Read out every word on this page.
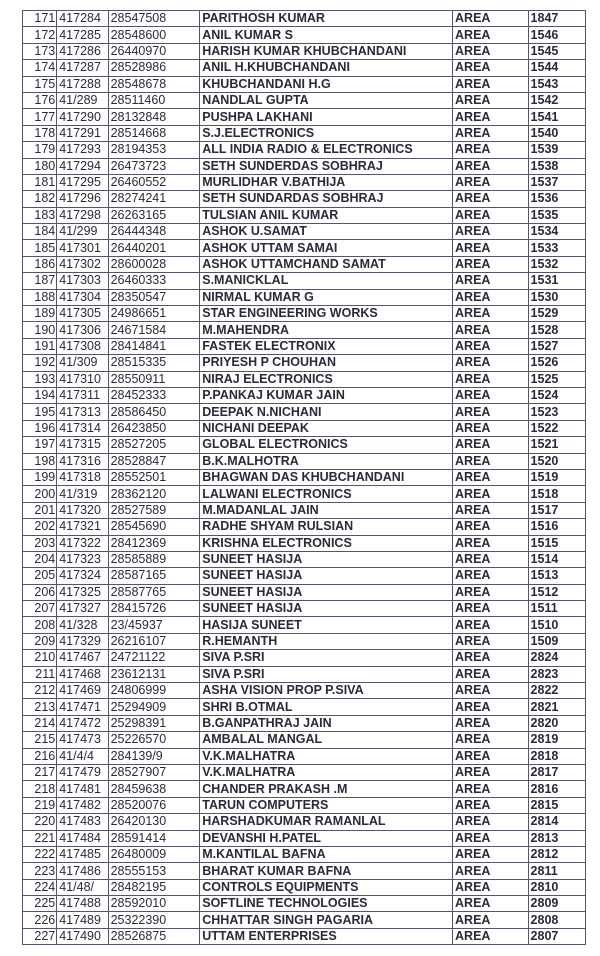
171	417284	28547508	PARITHOSH KUMAR	AREA	1847
172	417285	28548600	ANIL KUMAR S	AREA	1546
173	417286	26440970	HARISH KUMAR KHUBCHANDANI	AREA	1545
174	417287	28528986	ANIL H.KHUBCHANDANI	AREA	1544
175	417288	28548678	KHUBCHANDANI H.G	AREA	1543
176	41/289	28511460	NANDLAL GUPTA	AREA	1542
177	417290	28132848	PUSHPA LAKHANI	AREA	1541
178	417291	28514668	S.J.ELECTRONICS	AREA	1540
179	417293	28194353	ALL INDIA RADIO & ELECTRONICS	AREA	1539
180	417294	26473723	SETH SUNDERDAS SOBHRAJ	AREA	1538
181	417295	26460552	MURLIDHAR V.BATHIJA	AREA	1537
182	417296	28274241	SETH SUNDARDAS SOBHRAJ	AREA	1536
183	417298	26263165	TULSIAN ANIL KUMAR	AREA	1535
184	41/299	26444348	ASHOK U.SAMAT	AREA	1534
185	417301	26440201	ASHOK UTTAM SAMAI	AREA	1533
186	417302	28600028	ASHOK UTTAMCHAND SAMAT	AREA	1532
187	417303	26460333	S.MANICKLAL	AREA	1531
188	417304	28350547	NIRMAL KUMAR G	AREA	1530
189	417305	24986651	STAR ENGINEERING WORKS	AREA	1529
190	417306	24671584	M.MAHENDRA	AREA	1528
191	417308	28414841	FASTEK ELECTRONIX	AREA	1527
192	41/309	28515335	PRIYESH P CHOUHAN	AREA	1526
193	417310	28550911	NIRAJ ELECTRONICS	AREA	1525
194	417311	28452333	P.PANKAJ KUMAR JAIN	AREA	1524
195	417313	28586450	DEEPAK N.NICHANI	AREA	1523
196	417314	26423850	NICHANI DEEPAK	AREA	1522
197	417315	28527205	GLOBAL ELECTRONICS	AREA	1521
198	417316	28528847	B.K.MALHOTRA	AREA	1520
199	417318	28552501	BHAGWAN DAS KHUBCHANDANI	AREA	1519
200	41/319	28362120	LALWANI ELECTRONICS	AREA	1518
201	417320	28527589	M.MADANLAL JAIN	AREA	1517
202	417321	28545690	RADHE SHYAM RULSIAN	AREA	1516
203	417322	28412369	KRISHNA ELECTRONICS	AREA	1515
204	417323	28585889	SUNEET HASIJA	AREA	1514
205	417324	28587165	SUNEET HASIJA	AREA	1513
206	417325	28587765	SUNEET HASIJA	AREA	1512
207	417327	28415726	SUNEET HASIJA	AREA	1511
208	41/328	23/45937	HASIJA SUNEET	AREA	1510
209	417329	26216107	R.HEMANTH	AREA	1509
210	417467	24721122	SIVA P.SRI	AREA	2824
211	417468	23612131	SIVA P.SRI	AREA	2823
212	417469	24806999	ASHA VISION PROP P.SIVA	AREA	2822
213	417471	25294909	SHRI B.OTMAL	AREA	2821
214	417472	25298391	B.GANPATHRAJ JAIN	AREA	2820
215	417473	25226570	AMBALAL MANGAL	AREA	2819
216	41/4/4	284139/9	V.K.MALHATRA	AREA	2818
217	417479	28527907	V.K.MALHATRA	AREA	2817
218	417481	28459638	CHANDER PRAKASH .M	AREA	2816
219	417482	28520076	TARUN COMPUTERS	AREA	2815
220	417483	26420130	HARSHADKUMAR RAMANLAL	AREA	2814
221	417484	28591414	DEVANSHI H.PATEL	AREA	2813
222	417485	26480009	M.KANTILAL BAFNA	AREA	2812
223	417486	28555153	BHARAT KUMAR BAFNA	AREA	2811
224	41/48/	28482195	CONTROLS EQUIPMENTS	AREA	2810
225	417488	28592010	SOFTLINE TECHNOLOGIES	AREA	2809
226	417489	25322390	CHHATTAR SINGH PAGARIA	AREA	2808
227	417490	28526875	UTTAM ENTERPRISES	AREA	2807
